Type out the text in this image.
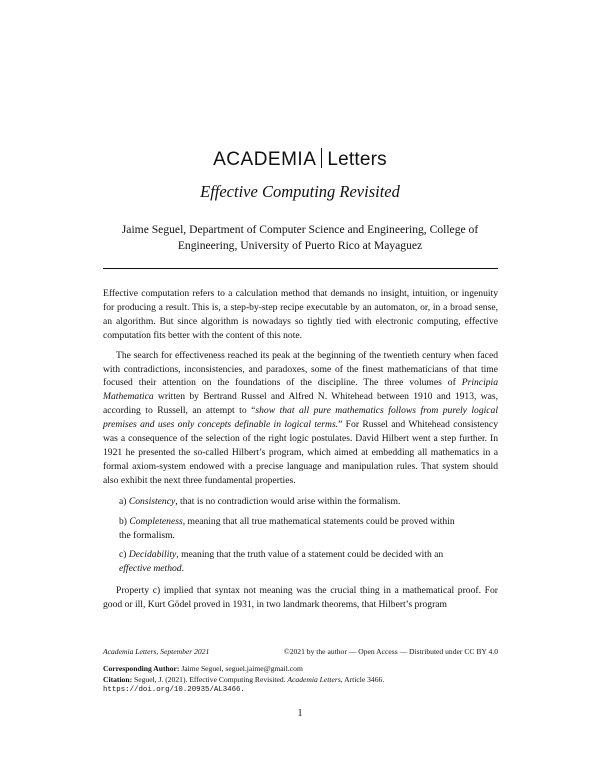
ACADEMIA Letters
Effective Computing Revisited
Jaime Seguel, Department of Computer Science and Engineering, College of Engineering, University of Puerto Rico at Mayaguez

Effective computation refers to a calculation method that demands no insight, intuition, or ingenuity for producing a result. This is, a step-by-step recipe executable by an automaton, or, in a broad sense, an algorithm. But since algorithm is nowadays so tightly tied with electronic computing, effective computation fits better with the content of this note.

The search for effectiveness reached its peak at the beginning of the twentieth century when faced with contradictions, inconsistencies, and paradoxes, some of the finest mathematicians of that time focused their attention on the foundations of the discipline. The three volumes of Principia Mathematica written by Bertrand Russel and Alfred N. Whitehead between 1910 and 1913, was, according to Russell, an attempt to “show that all pure mathematics follows from purely logical premises and uses only concepts definable in logical terms.” For Russel and Whitehead consistency was a consequence of the selection of the right logic postulates. David Hilbert went a step further. In 1921 he presented the so-called Hilbert’s program, which aimed at embedding all mathematics in a formal axiom-system endowed with a precise language and manipulation rules. That system should also exhibit the next three fundamental properties.

a) Consistency, that is no contradiction would arise within the formalism.
b) Completeness, meaning that all true mathematical statements could be proved within the formalism.
c) Decidability, meaning that the truth value of a statement could be decided with an effective method.

Property c) implied that syntax not meaning was the crucial thing in a mathematical proof. For good or ill, Kurt Gödel proved in 1931, in two landmark theorems, that Hilbert’s program

Academia Letters, September 2021	©2021 by the author — Open Access — Distributed under CC BY 4.0
Corresponding Author: Jaime Seguel, seguel.jaime@gmail.com
Citation: Seguel, J. (2021). Effective Computing Revisited. Academia Letters, Article 3466.
https://doi.org/10.20935/AL3466.
1
